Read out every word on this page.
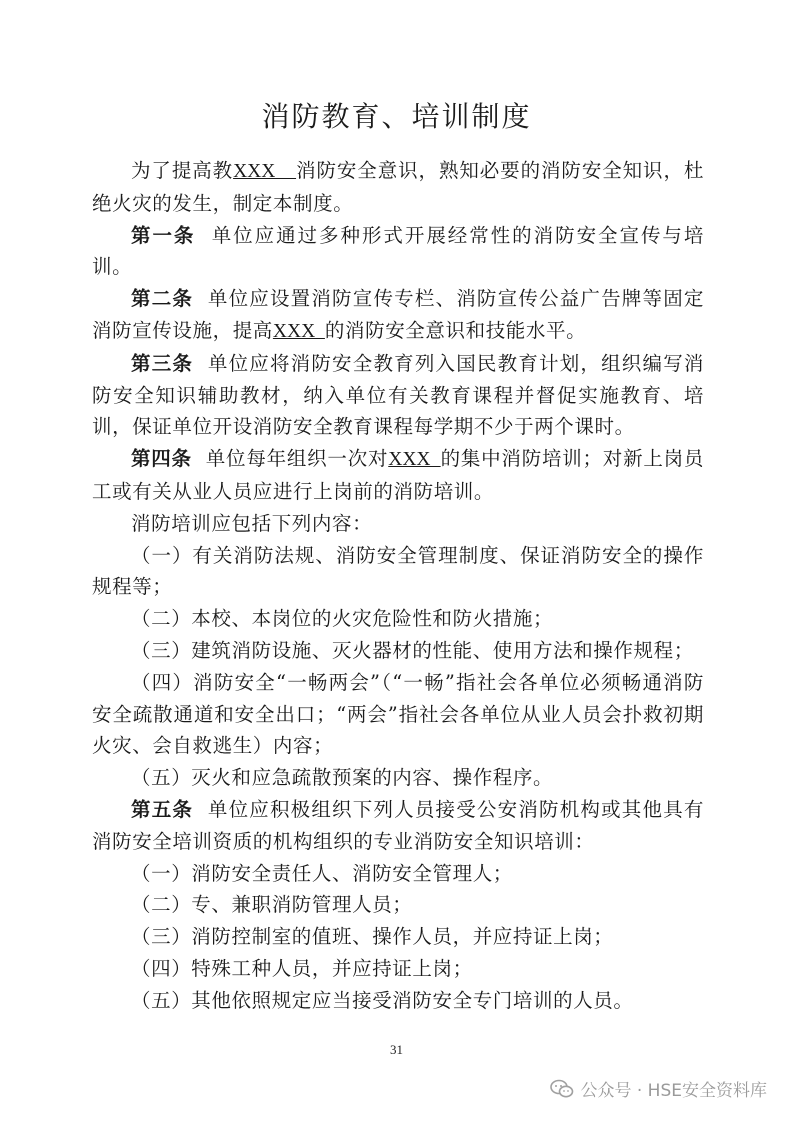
消防教育、培训制度

为了提高教XXX    消防安全意识，熟知必要的消防安全知识，杜绝火灾的发生，制定本制度。

第一条  单位应通过多种形式开展经常性的消防安全宣传与培训。

第二条  单位应设置消防宣传专栏、消防宣传公益广告牌等固定消防宣传设施，提高XXX  的消防安全意识和技能水平。

第三条  单位应将消防安全教育列入国民教育计划，组织编写消防安全知识辅助教材，纳入单位有关教育课程并督促实施教育、培训，保证单位开设消防安全教育课程每学期不少于两个课时。

第四条  单位每年组织一次对XXX  的集中消防培训；对新上岗员工或有关从业人员应进行上岗前的消防培训。

消防培训应包括下列内容：

（一）有关消防法规、消防安全管理制度、保证消防安全的操作规程等；

（二）本校、本岗位的火灾危险性和防火措施；

（三）建筑消防设施、灭火器材的性能、使用方法和操作规程；

（四）消防安全“一畅两会”（“一畅”指社会各单位必须畅通消防安全疏散通道和安全出口；“两会”指社会各单位从业人员会扑救初期火灾、会自救逃生）内容；

（五）灭火和应急疏散预案的内容、操作程序。

第五条  单位应积极组织下列人员接受公安消防机构或其他具有消防安全培训资质的机构组织的专业消防安全知识培训：

（一）消防安全责任人、消防安全管理人；

（二）专、兼职消防管理人员；

（三）消防控制室的值班、操作人员，并应持证上岗；

（四）特殊工种人员，并应持证上岗；

（五）其他依照规定应当接受消防安全专门培训的人员。

31
公众号 · HSE安全资料库
